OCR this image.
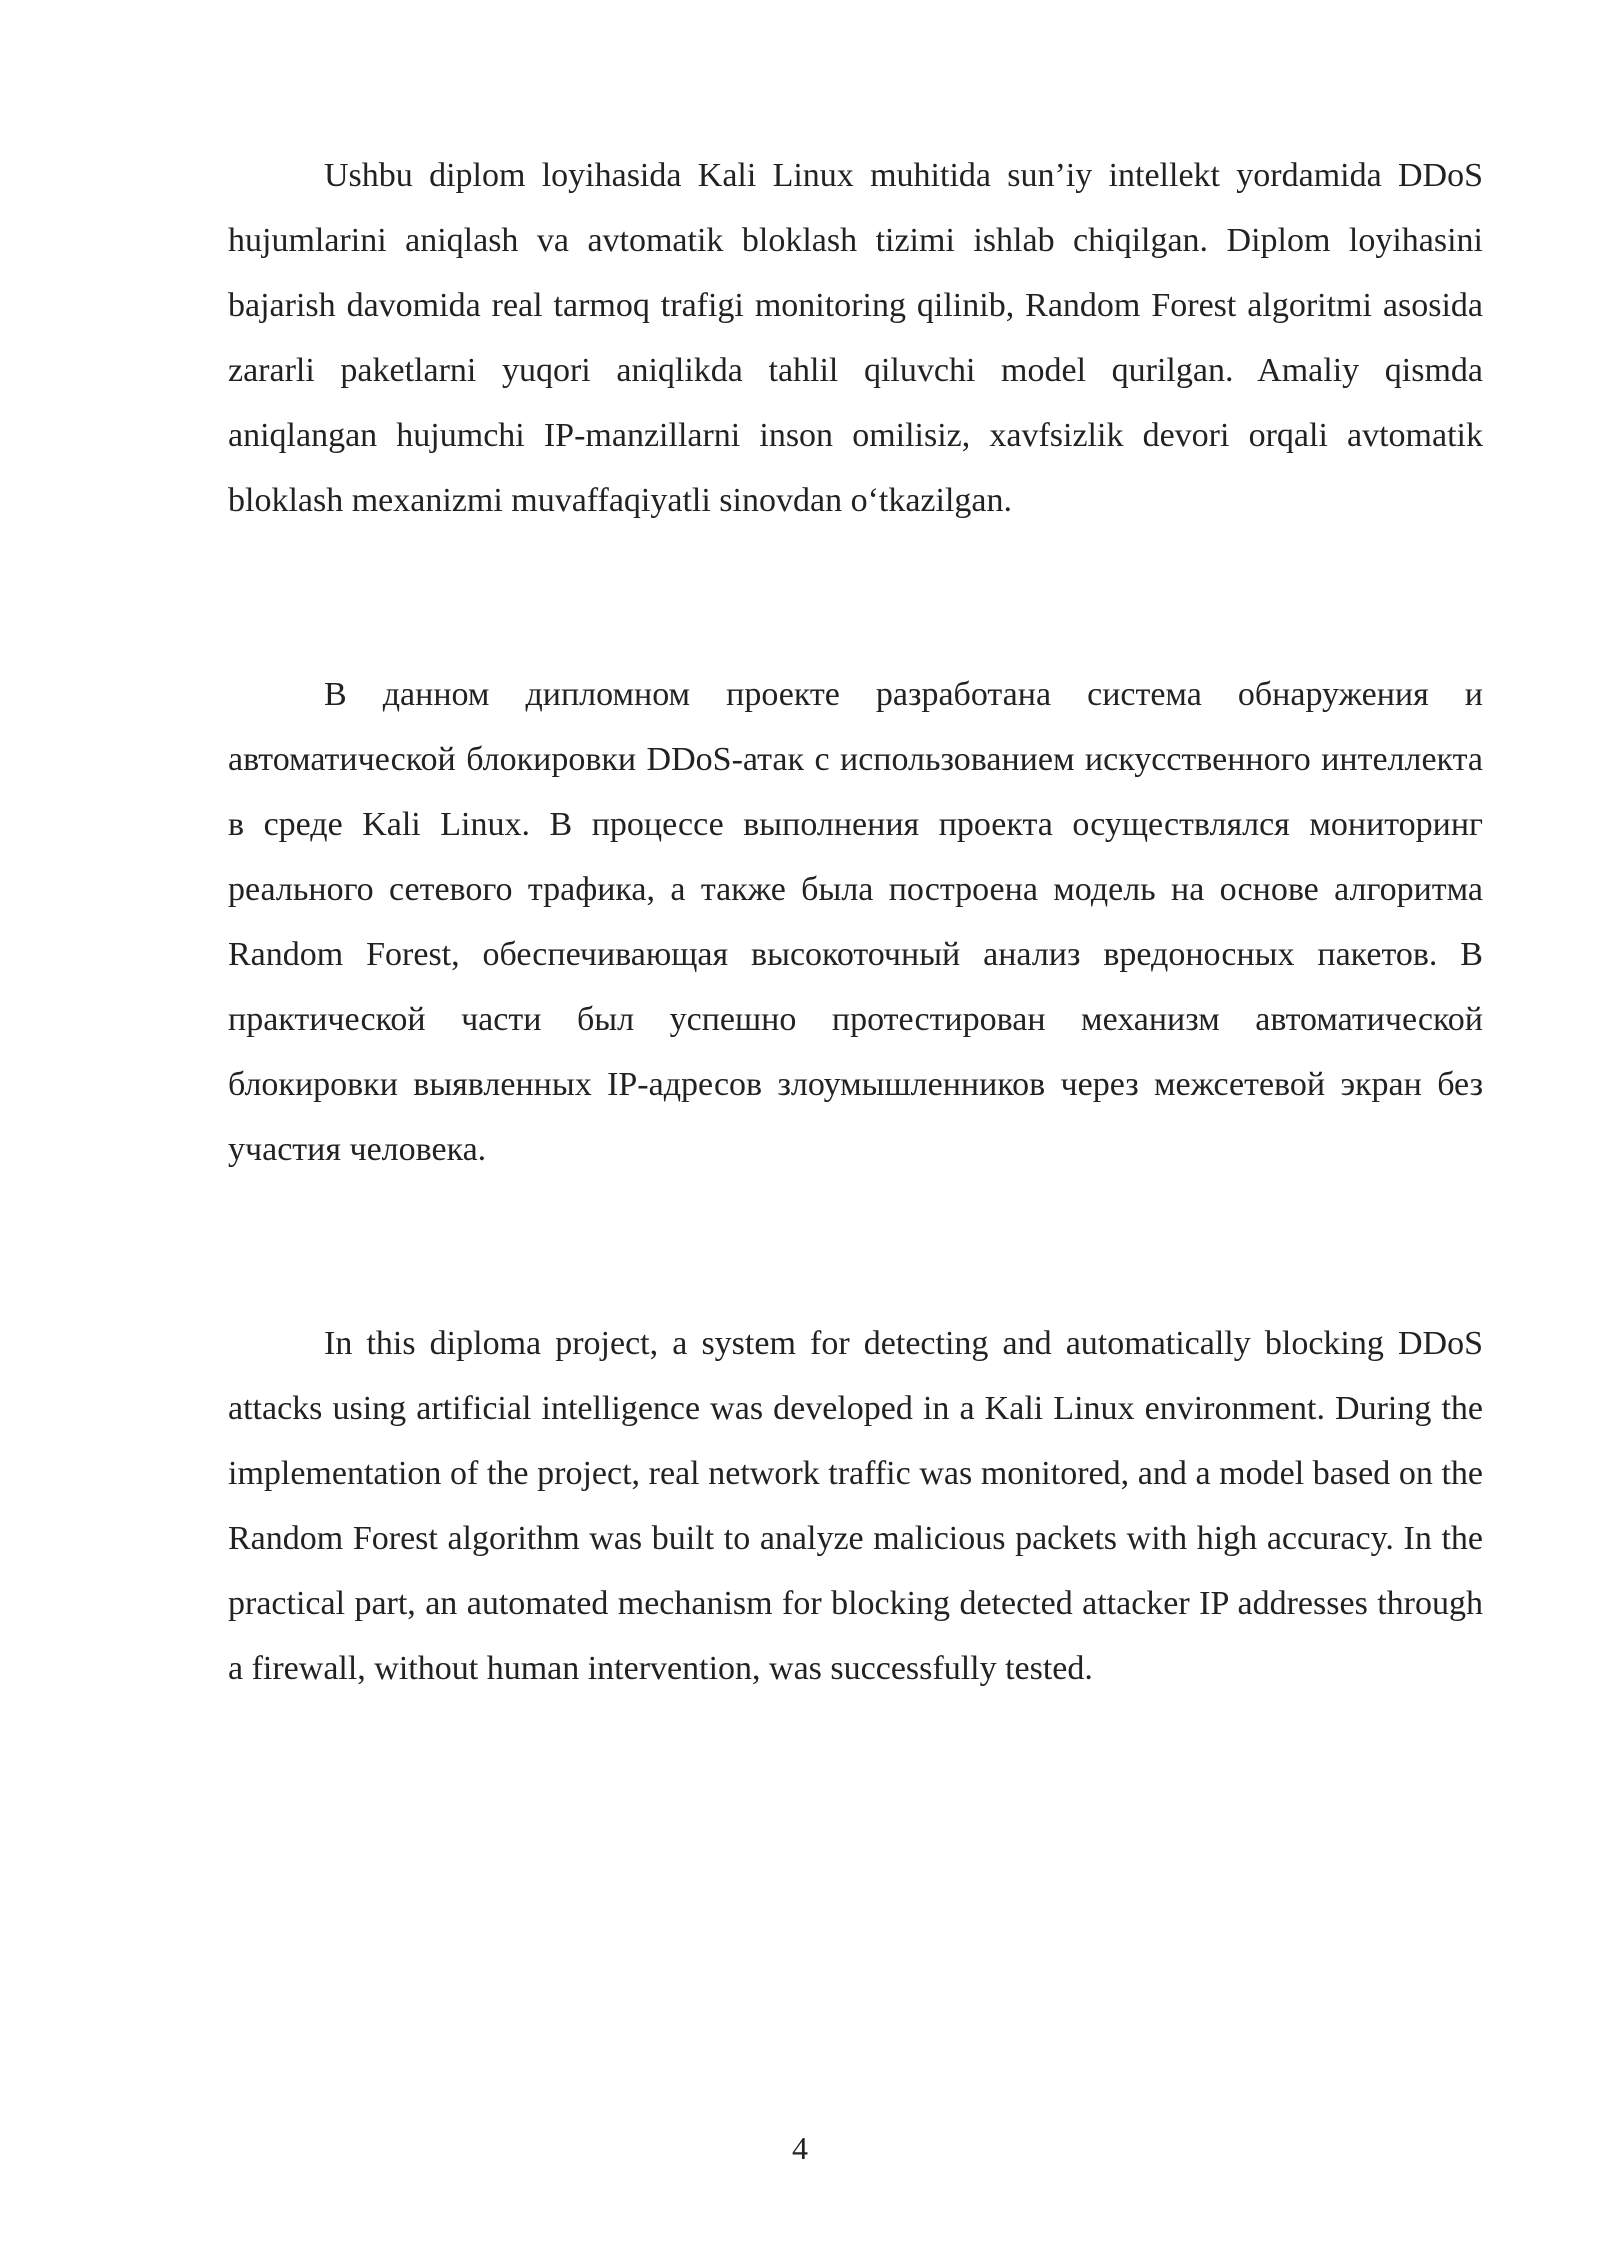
Ushbu diplom loyihasida Kali Linux muhitida sun’iy intellekt yordamida DDoS hujumlarini aniqlash va avtomatik bloklash tizimi ishlab chiqilgan. Diplom loyihasini bajarish davomida real tarmoq trafigi monitoring qilinib, Random Forest algoritmi asosida zararli paketlarni yuqori aniqlikda tahlil qiluvchi model qurilgan. Amaliy qismda aniqlangan hujumchi IP-manzillarni inson omilisiz, xavfsizlik devori orqali avtomatik bloklash mexanizmi muvaffaqiyatli sinovdan o‘tkazilgan.

В данном дипломном проекте разработана система обнаружения и автоматической блокировки DDoS-атак с использованием искусственного интеллекта в среде Kali Linux. В процессе выполнения проекта осуществлялся мониторинг реального сетевого трафика, а также была построена модель на основе алгоритма Random Forest, обеспечивающая высокоточный анализ вредоносных пакетов. В практической части был успешно протестирован механизм автоматической блокировки выявленных IP-адресов злоумышленников через межсетевой экран без участия человека.

In this diploma project, a system for detecting and automatically blocking DDoS attacks using artificial intelligence was developed in a Kali Linux environment. During the implementation of the project, real network traffic was monitored, and a model based on the Random Forest algorithm was built to analyze malicious packets with high accuracy. In the practical part, an automated mechanism for blocking detected attacker IP addresses through a firewall, without human intervention, was successfully tested.

4
